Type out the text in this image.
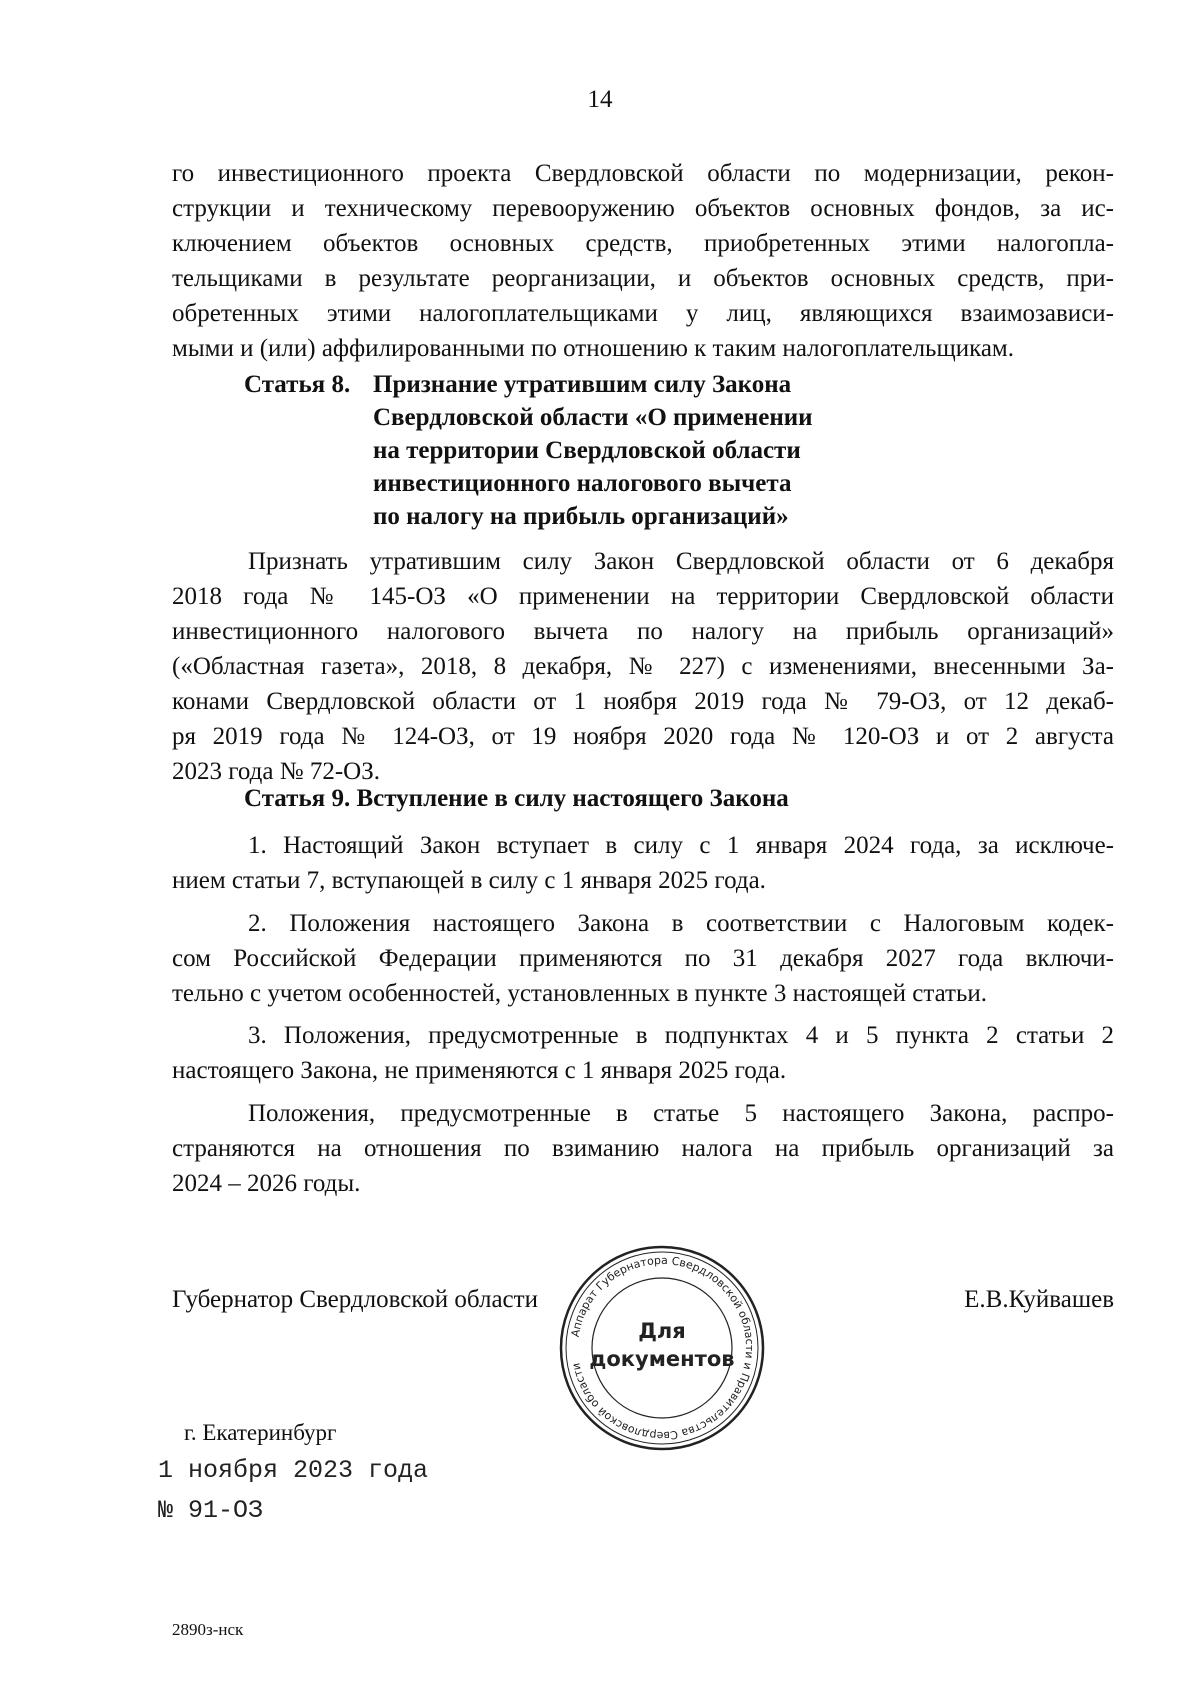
14
го инвестиционного проекта Свердловской области по модернизации, рекон-
струкции и техническому перевооружению объектов основных фондов, за ис-
ключением объектов основных средств, приобретенных этими налогопла-
тельщиками в результате реорганизации, и объектов основных средств, при-
обретенных этими налогоплательщиками у лиц, являющихся взаимозависи-
мыми и (или) аффилированными по отношению к таким налогоплательщикам.
Статья 8. Признание утратившим силу Закона
Свердловской области «О применении
на территории Свердловской области
инвестиционного налогового вычета
по налогу на прибыль организаций»
Признать утратившим силу Закон Свердловской области от 6 декабря
2018 года № 145-ОЗ «О применении на территории Свердловской области
инвестиционного налогового вычета по налогу на прибыль организаций»
(«Областная газета», 2018, 8 декабря, № 227) с изменениями, внесенными За-
конами Свердловской области от 1 ноября 2019 года № 79-ОЗ, от 12 декаб-
ря 2019 года № 124-ОЗ, от 19 ноября 2020 года № 120-ОЗ и от 2 августа
2023 года № 72-ОЗ.
Статья 9. Вступление в силу настоящего Закона
1. Настоящий Закон вступает в силу с 1 января 2024 года, за исключе-
нием статьи 7, вступающей в силу с 1 января 2025 года.
2. Положения настоящего Закона в соответствии с Налоговым кодек-
сом Российской Федерации применяются по 31 декабря 2027 года включи-
тельно с учетом особенностей, установленных в пункте 3 настоящей статьи.
3. Положения, предусмотренные в подпунктах 4 и 5 пункта 2 статьи 2
настоящего Закона, не применяются с 1 января 2025 года.
Положения, предусмотренные в статье 5 настоящего Закона, распро-
страняются на отношения по взиманию налога на прибыль организаций за
2024 – 2026 годы.
Губернатор Свердловской области	Е.В.Куйвашев
Аппарат Губернатора Свердловской области и Правительства Свердловской области
Для
документов
г. Екатеринбург
1 ноября 2023 года
№ 91-ОЗ
2890з-нск
